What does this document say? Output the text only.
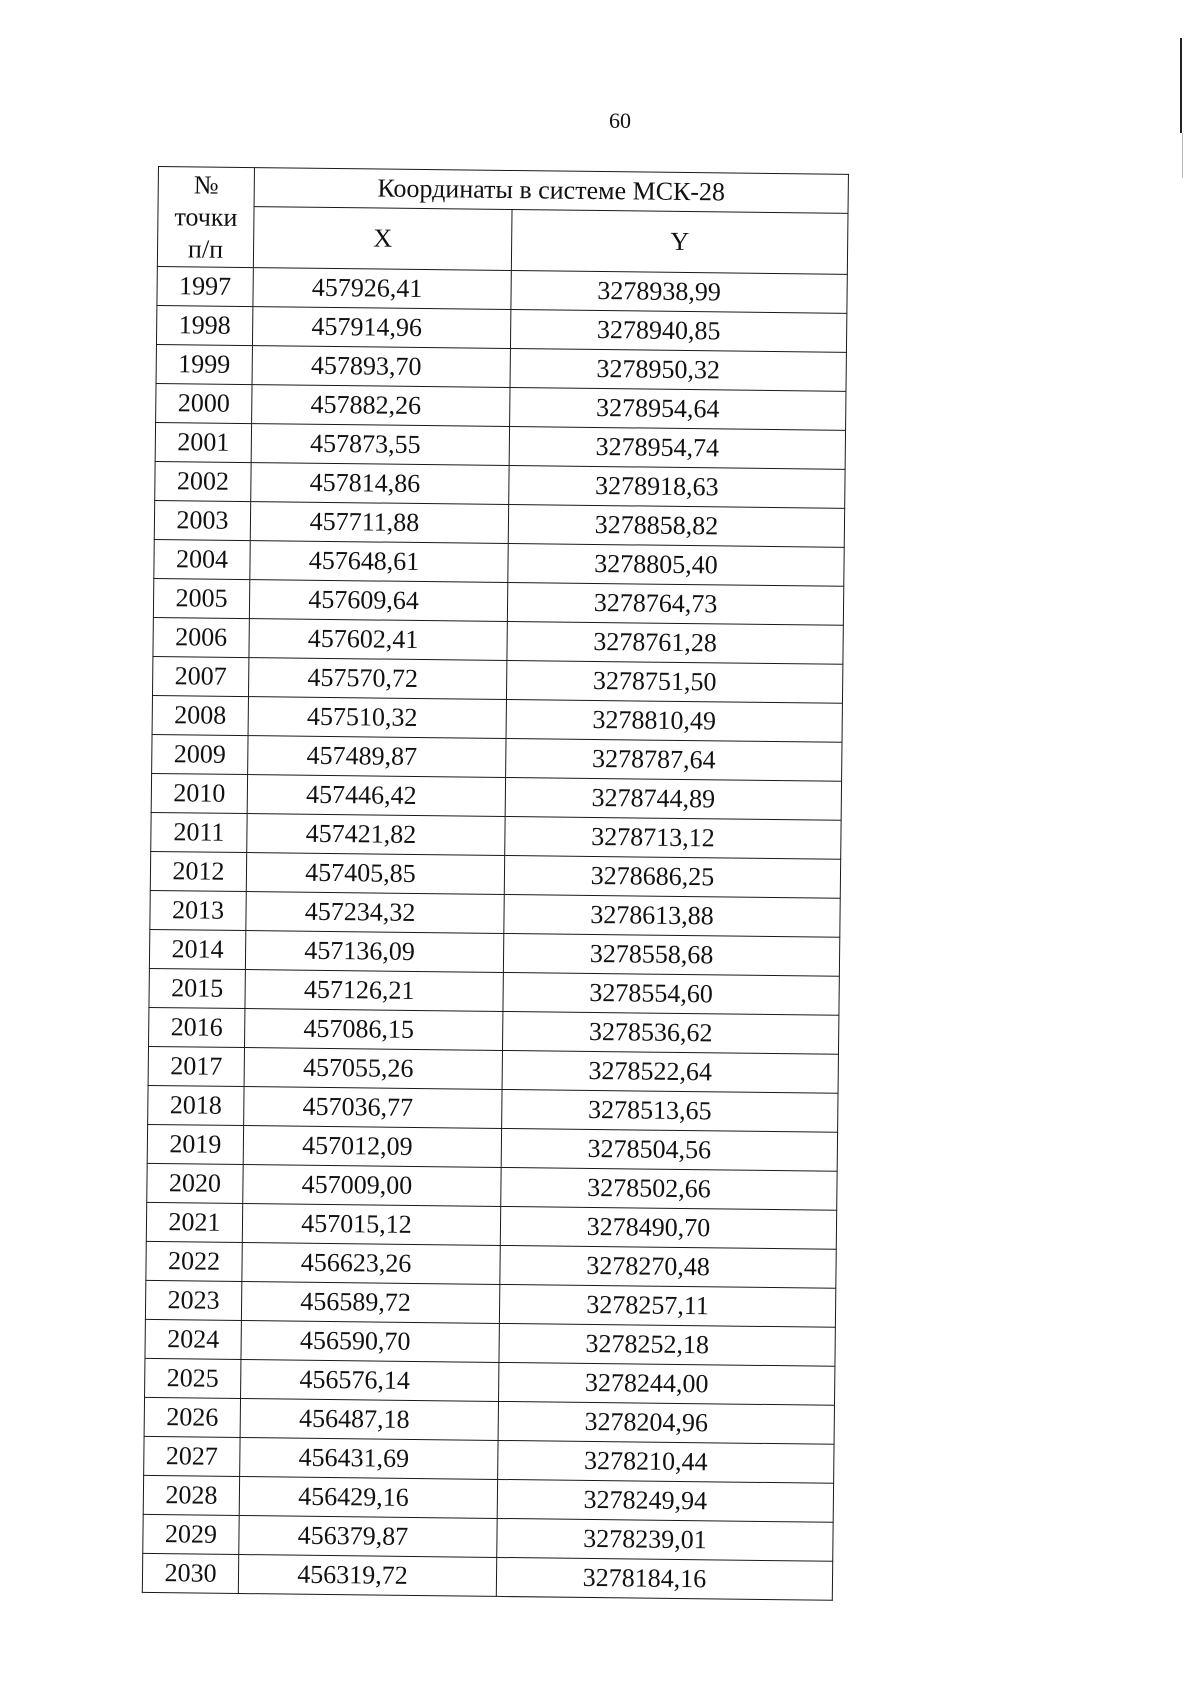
60
№
точки
п/п	Координаты в системе МСК-28	
	X	Y
1997	457926,41	3278938,99
1998	457914,96	3278940,85
1999	457893,70	3278950,32
2000	457882,26	3278954,64
2001	457873,55	3278954,74
2002	457814,86	3278918,63
2003	457711,88	3278858,82
2004	457648,61	3278805,40
2005	457609,64	3278764,73
2006	457602,41	3278761,28
2007	457570,72	3278751,50
2008	457510,32	3278810,49
2009	457489,87	3278787,64
2010	457446,42	3278744,89
2011	457421,82	3278713,12
2012	457405,85	3278686,25
2013	457234,32	3278613,88
2014	457136,09	3278558,68
2015	457126,21	3278554,60
2016	457086,15	3278536,62
2017	457055,26	3278522,64
2018	457036,77	3278513,65
2019	457012,09	3278504,56
2020	457009,00	3278502,66
2021	457015,12	3278490,70
2022	456623,26	3278270,48
2023	456589,72	3278257,11
2024	456590,70	3278252,18
2025	456576,14	3278244,00
2026	456487,18	3278204,96
2027	456431,69	3278210,44
2028	456429,16	3278249,94
2029	456379,87	3278239,01
2030	456319,72	3278184,16
